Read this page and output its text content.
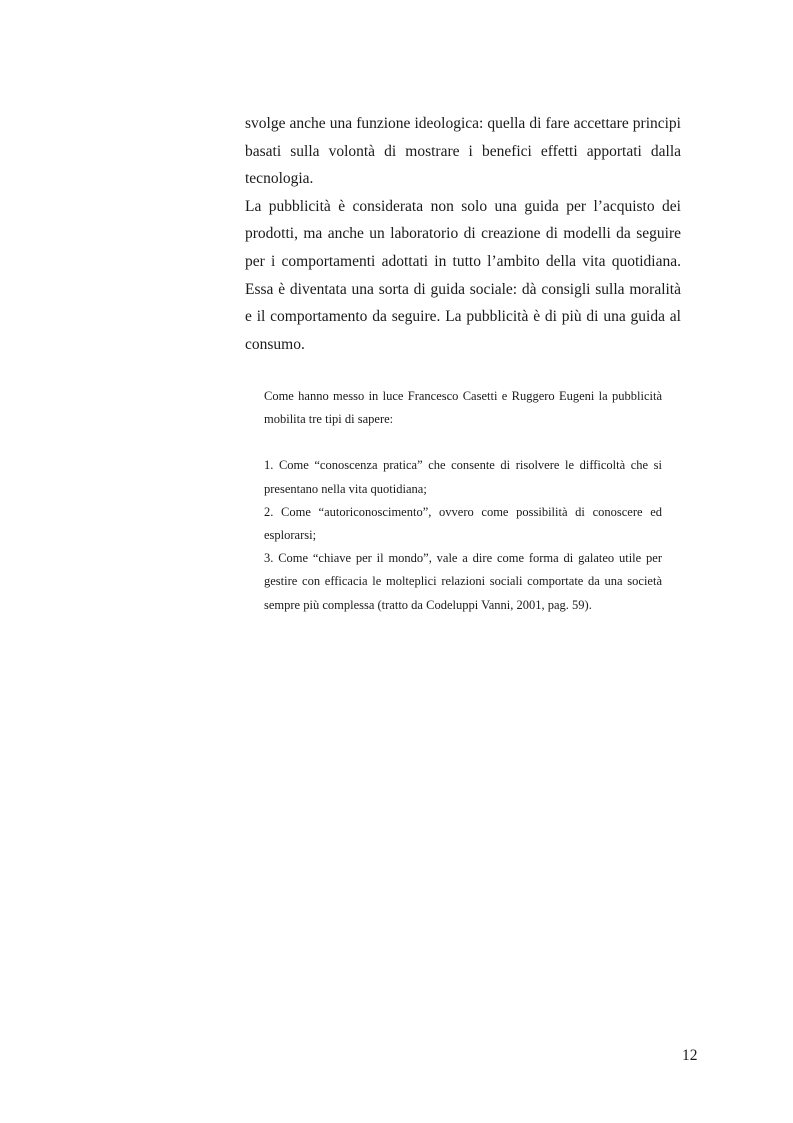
svolge anche una funzione ideologica: quella di fare accettare principi basati sulla volontà di mostrare i benefici effetti apportati dalla tecnologia.

La pubblicità è considerata non solo una guida per l’acquisto dei prodotti, ma anche un laboratorio di creazione di modelli da seguire per i comportamenti adottati in tutto l’ambito della vita quotidiana. Essa è diventata una sorta di guida sociale: dà consigli sulla moralità e il comportamento da seguire. La pubblicità è di più di una guida al consumo.

Come hanno messo in luce Francesco Casetti e Ruggero Eugeni la pubblicità mobilita tre tipi di sapere:

1. Come “conoscenza pratica” che consente di risolvere le difficoltà che si presentano nella vita quotidiana;

2. Come “autoriconoscimento”, ovvero come possibilità di conoscere ed esplorarsi;

3. Come “chiave per il mondo”, vale a dire come forma di galateo utile per gestire con efficacia le molteplici relazioni sociali comportate da una società sempre più complessa (tratto da Codeluppi Vanni, 2001, pag. 59).

12
